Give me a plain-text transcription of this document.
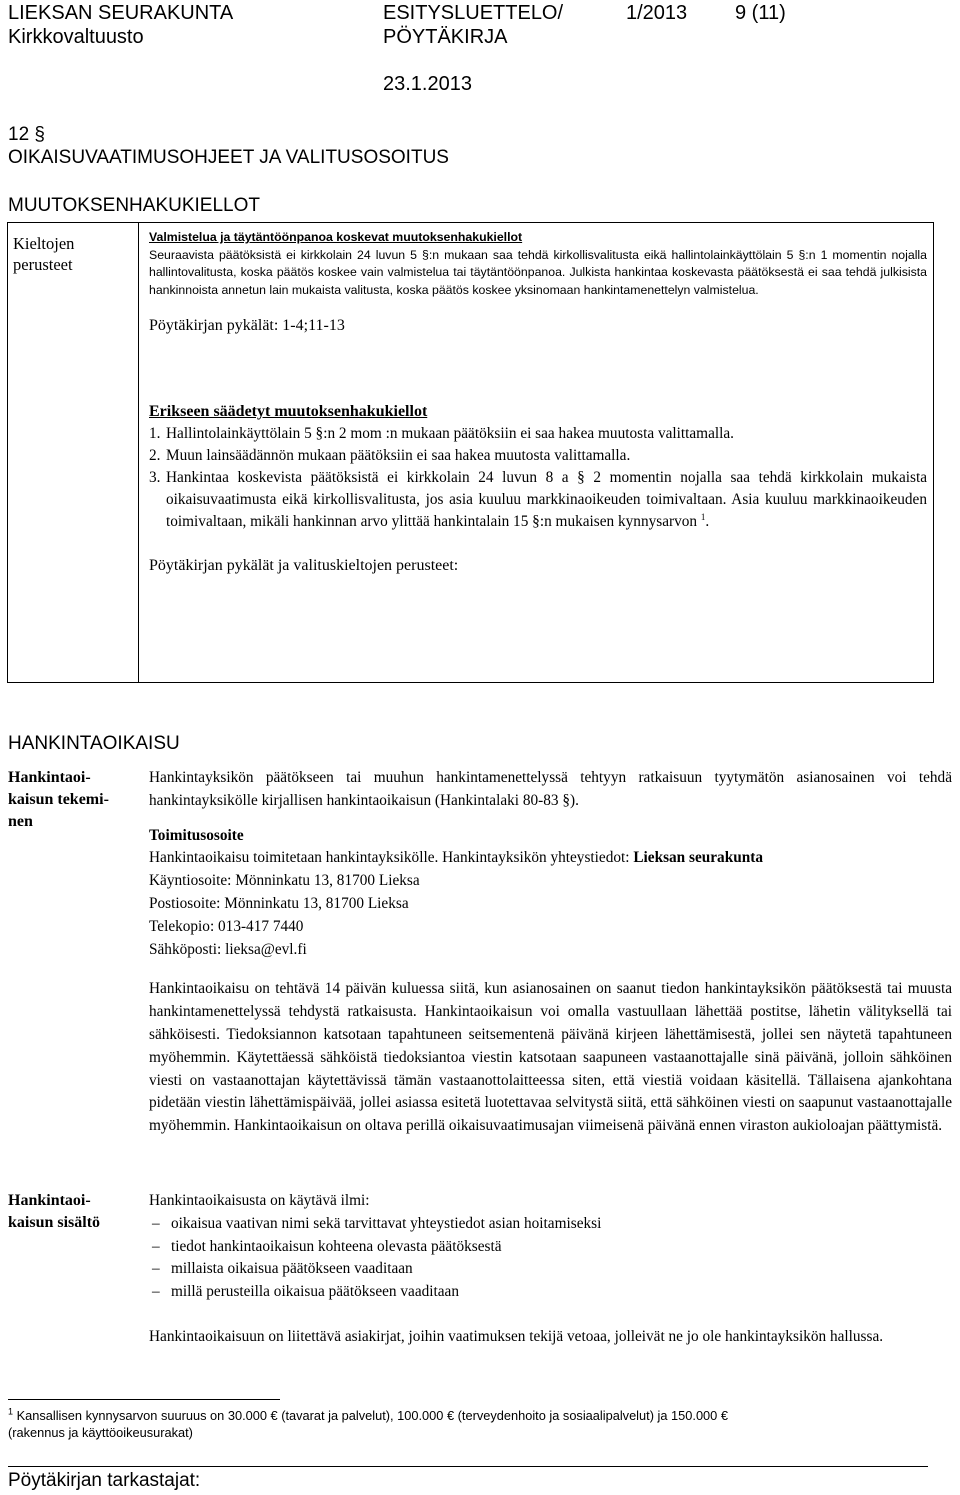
LIEKSAN SEURAKUNTA
Kirkkovaltuusto
ESITYSLUETTELO/
PÖYTÄKIRJA
1/2013 9 (11)
23.1.2013
12 §
OIKAISUVAATIMUSOHJEET JA VALITUSOSOITUS
MUUTOKSENHAKUKIELLOT
Kieltojen
perusteet

Valmistelua ja täytäntöönpanoa koskevat muutoksenhakukiellot

Seuraavista päätöksistä ei kirkkolain 24 luvun 5 §:n mukaan saa tehdä kirkollisvalitusta eikä hallintolainkäyttölain 5 §:n 1 momentin nojalla hallintovalitusta, koska päätös koskee vain valmistelua tai täytäntöönpanoa. Julkista hankintaa koskevasta päätöksestä ei saa tehdä julkisista hankinnoista annetun lain mukaista valitusta, koska päätös koskee yksinomaan hankintamenettelyn valmistelua.

Pöytäkirjan pykälät: 1-4;11-13

Erikseen säädetyt muutoksenhakukiellot

1. Hallintolainkäyttölain 5 §:n 2 mom :n mukaan päätöksiin ei saa hakea muutosta valittamalla.
2. Muun lainsäädännön mukaan päätöksiin ei saa hakea muutosta valittamalla.
3. Hankintaa koskevista päätöksistä ei kirkkolain 24 luvun 8 a § 2 momentin nojalla saa tehdä kirkkolain mukaista oikaisuvaatimusta eikä kirkollisvalitusta, jos asia kuuluu markkinaoikeuden toimivaltaan. Asia kuuluu markkinaoikeuden toimivaltaan, mikäli hankinnan arvo ylittää hankintalain 15 §:n mukaisen kynnysarvon $^1$.

Pöytäkirjan pykälät ja valituskieltojen perusteet:

HANKINTAOIKAISU
Hankintaoi-
kaisun tekemi-
nen

Hankintayksikön päätökseen tai muuhun hankintamenettelyssä tehtyyn ratkaisuun tyytymätön asianosainen voi tehdä hankintayksikölle kirjallisen hankintaoikaisun (Hankintalaki 80-83 §).

Toimitusosoite

Hankintaoikaisu toimitetaan hankintayksikölle. Hankintayksikön yhteystiedot: Lieksan seurakunta

Käyntiosoite: Mönninkatu 13, 81700 Lieksa

Postiosoite: Mönninkatu 13, 81700 Lieksa

Telekopio: 013-417 7440

Sähköposti: lieksa@evl.fi

Hankintaoikaisu on tehtävä 14 päivän kuluessa siitä, kun asianosainen on saanut tiedon hankintayksikön päätöksestä tai muusta hankintamenettelyssä tehdystä ratkaisusta. Hankintaoikaisun voi omalla vastuullaan lähettää postitse, lähetin välityksellä tai sähköisesti. Tiedoksiannon katsotaan tapahtuneen seitsementenä päivänä kirjeen lähettämisestä, jollei sen näytetä tapahtuneen myöhemmin. Käytettäessä sähköistä tiedoksiantoa viestin katsotaan saapuneen vastaanottajalle sinä päivänä, jolloin sähköinen viesti on vastaanottajan käytettävissä tämän vastaanottolaitteessa siten, että viestiä voidaan käsitellä. Tällaisena ajankohtana pidetään viestin lähettämispäivää, jollei asiassa esitetä luotettavaa selvitystä siitä, että sähköinen viesti on saapunut vastaanottajalle myöhemmin. Hankintaoikaisun on oltava perillä oikaisuvaatimusajan viimeisenä päivänä ennen viraston aukioloajan päättymistä.

Hankintaoi-
kaisun sisältö

Hankintaoikaisusta on käytävä ilmi:

– oikaisua vaativan nimi sekä tarvittavat yhteystiedot asian hoitamiseksi
– tiedot hankintaoikaisun kohteena olevasta päätöksestä
– millaista oikaisua päätökseen vaaditaan
– millä perusteilla oikaisua päätökseen vaaditaan

Hankintaoikaisuun on liitettävä asiakirjat, joihin vaatimuksen tekijä vetoaa, jolleivät ne jo ole hankintayksikön hallussa.

$^1$ Kansallisen kynnysarvon suuruus on 30.000 € (tavarat ja palvelut), 100.000 € (terveydenhoito ja sosiaalipalvelut) ja 150.000 €
(rakennus ja käyttöoikeusurakat)
Pöytäkirjan tarkastajat:
